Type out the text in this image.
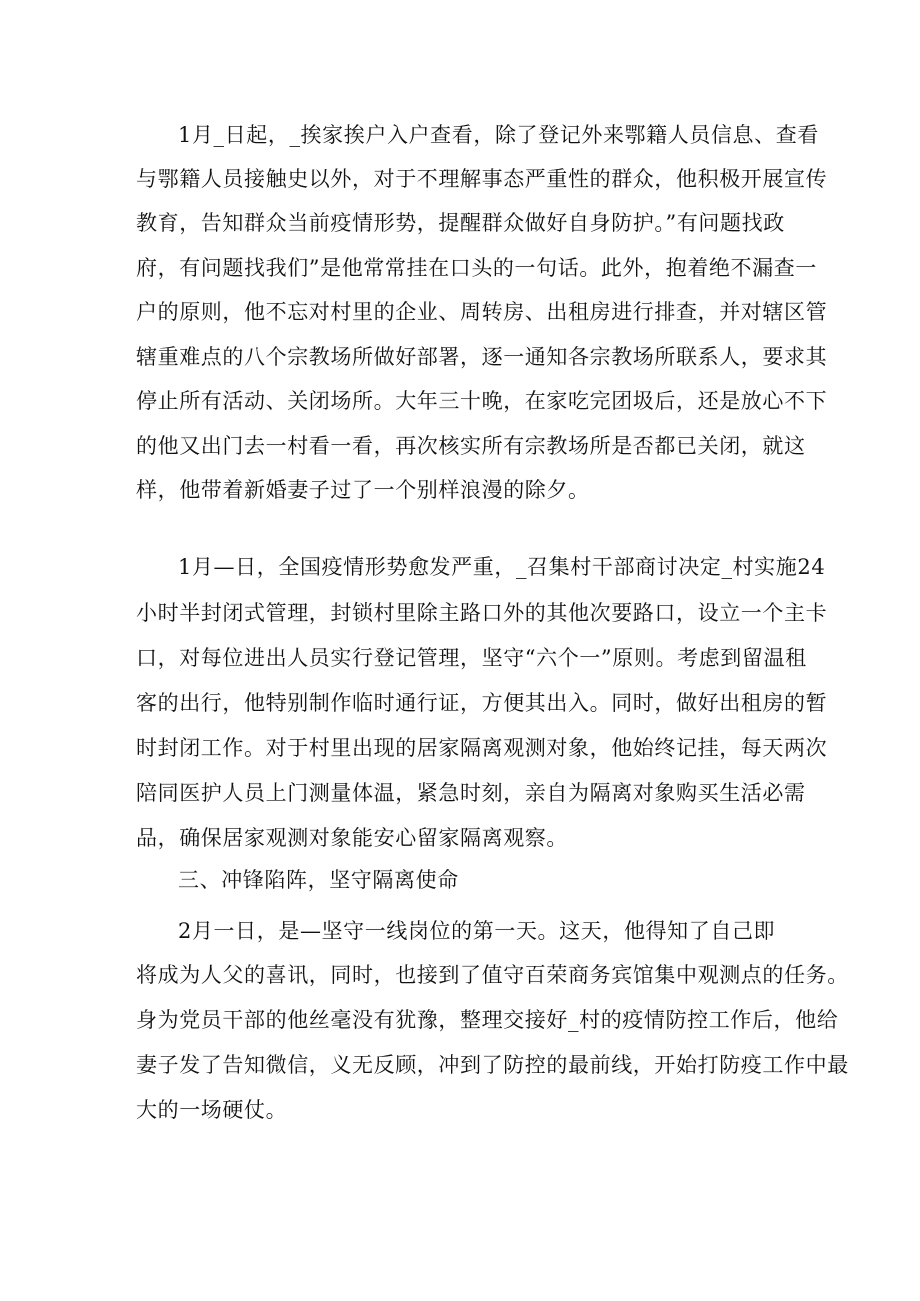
1月_日起，_挨家挨户入户查看，除了登记外来鄂籍人员信息、查看
与鄂籍人员接触史以外，对于不理解事态严重性的群众，他积极开展宣传
教育，告知群众当前疫情形势，提醒群众做好自身防护。”有问题找政
府，有问题找我们”是他常常挂在口头的一句话。此外，抱着绝不漏查一
户的原则，他不忘对村里的企业、周转房、出租房进行排查，并对辖区管
辖重难点的八个宗教场所做好部署，逐一通知各宗教场所联系人，要求其
停止所有活动、关闭场所。大年三十晚，在家吃完团圾后，还是放心不下
的他又出门去一村看一看，再次核实所有宗教场所是否都已关闭，就这
样，他带着新婚妻子过了一个别样浪漫的除夕。
1月—日，全国疫情形势愈发严重，_召集村干部商讨决定_村实施24
小时半封闭式管理，封锁村里除主路口外的其他次要路口，设立一个主卡
口，对每位进出人员实行登记管理，坚守“六个一”原则。考虑到留温租
客的出行，他特别制作临时通行证，方便其出入。同时，做好出租房的暂
时封闭工作。对于村里出现的居家隔离观测对象，他始终记挂，每天两次
陪同医护人员上门测量体温，紧急时刻，亲自为隔离对象购买生活必需
品，确保居家观测对象能安心留家隔离观察。
三、冲锋陷阵，坚守隔离使命
2月一日，是—坚守一线岗位的第一天。这天，他得知了自己即
将成为人父的喜讯，同时，也接到了值守百荣商务宾馆集中观测点的任务。
身为党员干部的他丝毫没有犹豫，整理交接好_村的疫情防控工作后，他给
妻子发了告知微信，义无反顾，冲到了防控的最前线，开始打防疫工作中最
大的一场硬仗。
